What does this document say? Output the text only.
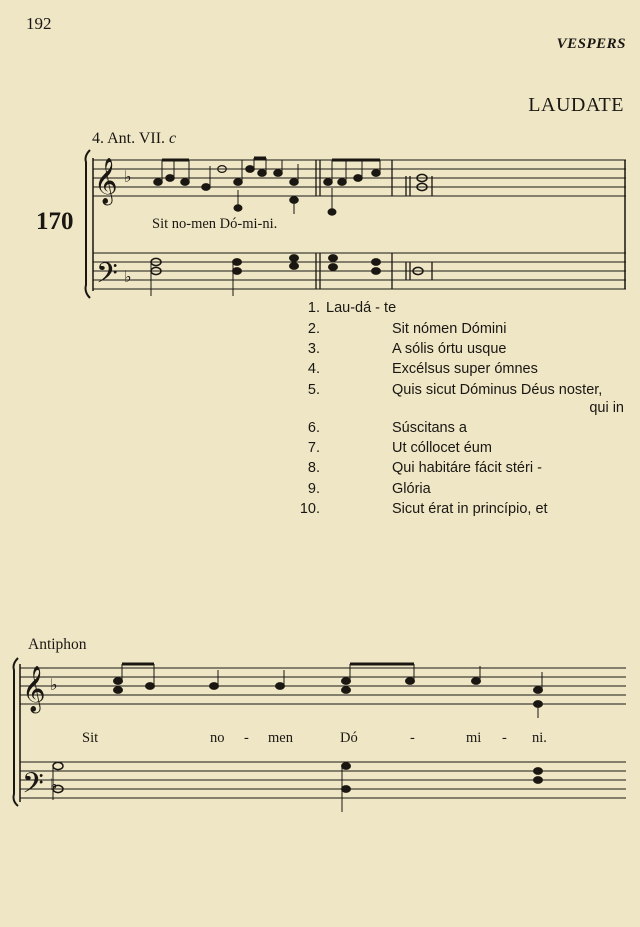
192
VESPERS
LAUDATE
4. Ant. VII. c
170
𝄞
𝄢
♭
♭
𝄞
𝄢
♭
♭
Sit no-men Dó-mi-ni.
1. Lau-dá - te
2.	Sit nómen Dómini
3.	A sólis órtu usque
4.	Excélsus super ómnes
5.	Quis sicut Dóminus Déus noster,
qui in
6.	Súscitans a
7.	Ut cóllocet éum
8.	Qui habitáre fácit stéri -
9.	Glória
10.	Sicut érat in princípio, et
Antiphon
Sit	no - men	Dó	-	mi - ni.
